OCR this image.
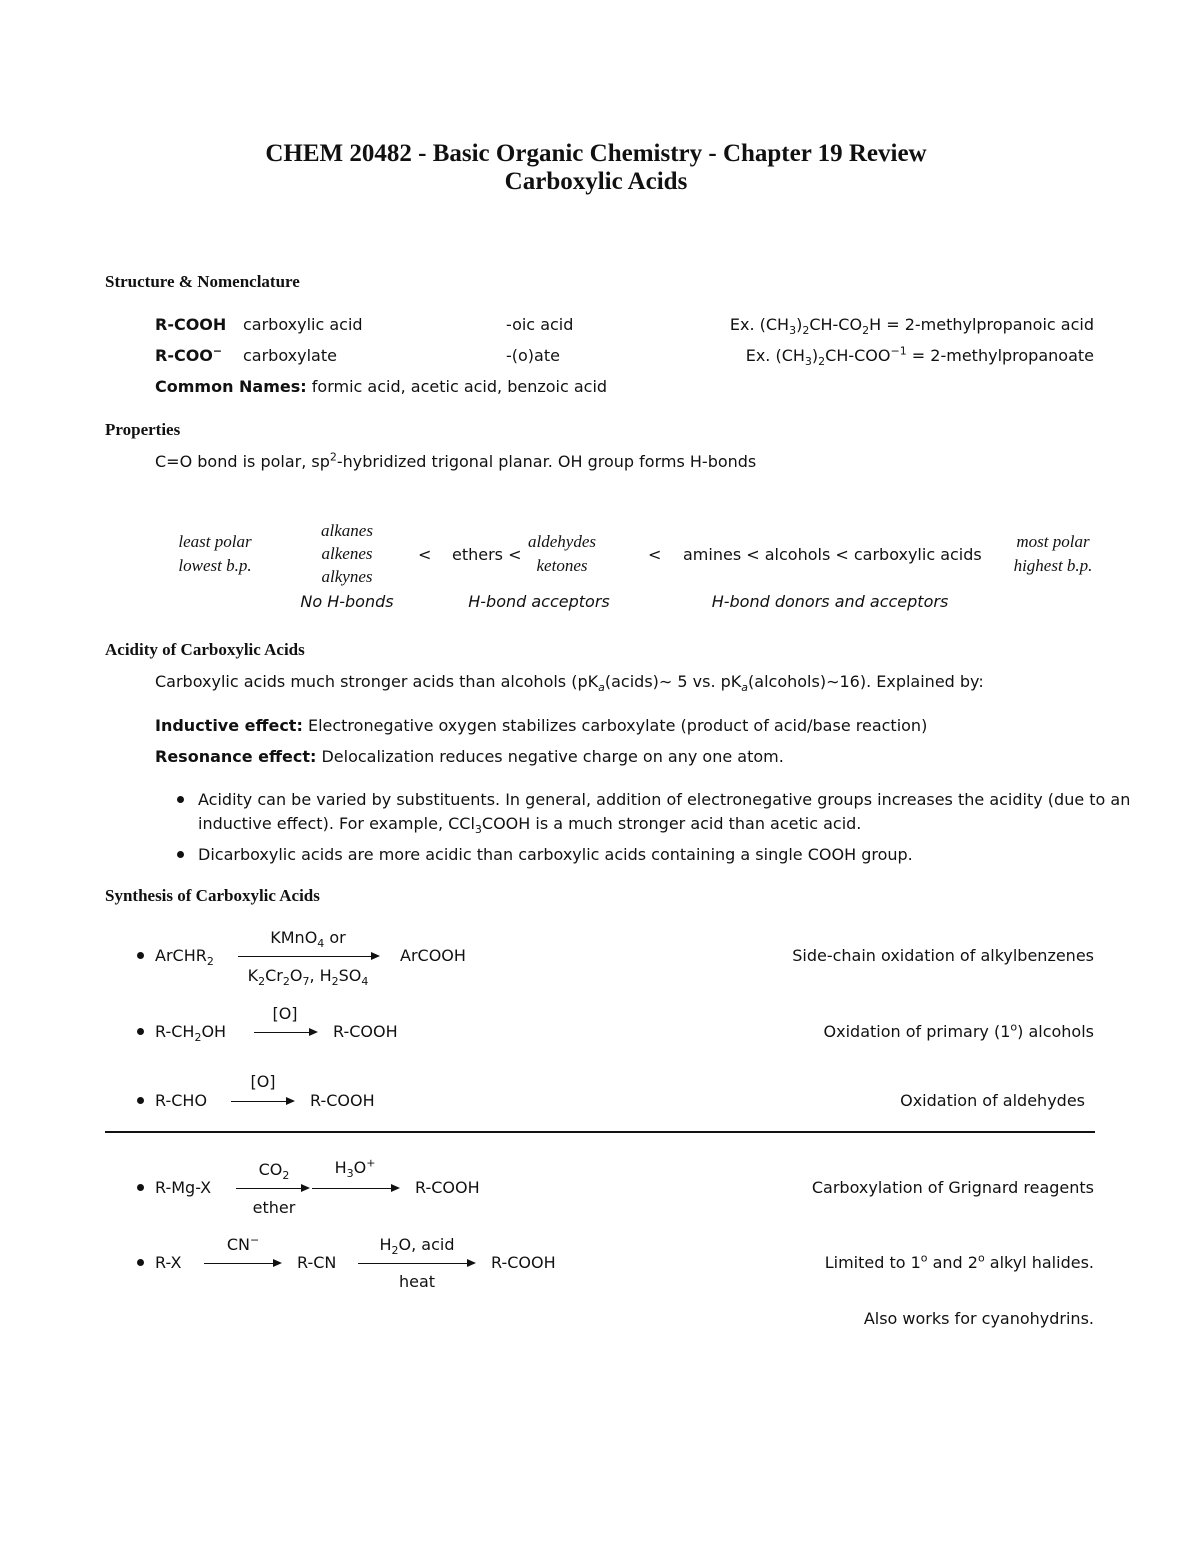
CHEM 20482 - Basic Organic Chemistry - Chapter 19 Review
Carboxylic Acids
Structure & Nomenclature
R-COOH carboxylic acid	-oic acid	Ex. $(CH_3)_2CH-CO_2H$ = 2-methylpropanoic acid
R-COO− carboxylate	-(o)ate	Ex. $(CH_3)_2CH-COO^{-1}$ = 2-methylpropanoate
Common Names: formic acid, acetic acid, benzoic acid
Properties
C=O bond is polar, $sp^2$-hybridized trigonal planar. OH group forms H-bonds
least polar
lowest b.p.
alkanes
alkenes
alkynes
< ethers <
aldehydes
ketones
< amines < alcohols < carboxylic acids
most polar
highest b.p.
No H-bonds	H-bond acceptors	H-bond donors and acceptors
Acidity of Carboxylic Acids
Carboxylic acids much stronger acids than alcohols ($pK_a(acids)\sim$ 5 vs. $pK_a(alcohols)\sim 16$). Explained by:
Inductive effect: Electronegative oxygen stabilizes carboxylate (product of acid/base reaction)
Resonance effect: Delocalization reduces negative charge on any one atom.
Acidity can be varied by substituents. In general, addition of electronegative groups increases the acidity (due to an
inductive effect). For example, CCl$_3$COOH is a much stronger acid than acetic acid.
Dicarboxylic acids are more acidic than carboxylic acids containing a single COOH group.
Synthesis of Carboxylic Acids
ArCHR$_2$
KMnO$_4$ or
$K_2Cr_2O_7$, $H_2SO_4$
ArCOOH	Side-chain oxidation of alkylbenzenes
$R-CH_2OH$
[O]
R-COOH	Oxidation of primary (1$^o$) alcohols
R-CHO
[O]
R-COOH	Oxidation of aldehydes
R-Mg-X
$CO_2$
ether
$H_3O^+$
R-COOH	Carboxylation of Grignard reagents
R-X
CN−
R-CN
$H_2O$, acid
heat
R-COOH	Limited to 1$^o$ and 2$^o$ alkyl halides.
Also works for cyanohydrins.
